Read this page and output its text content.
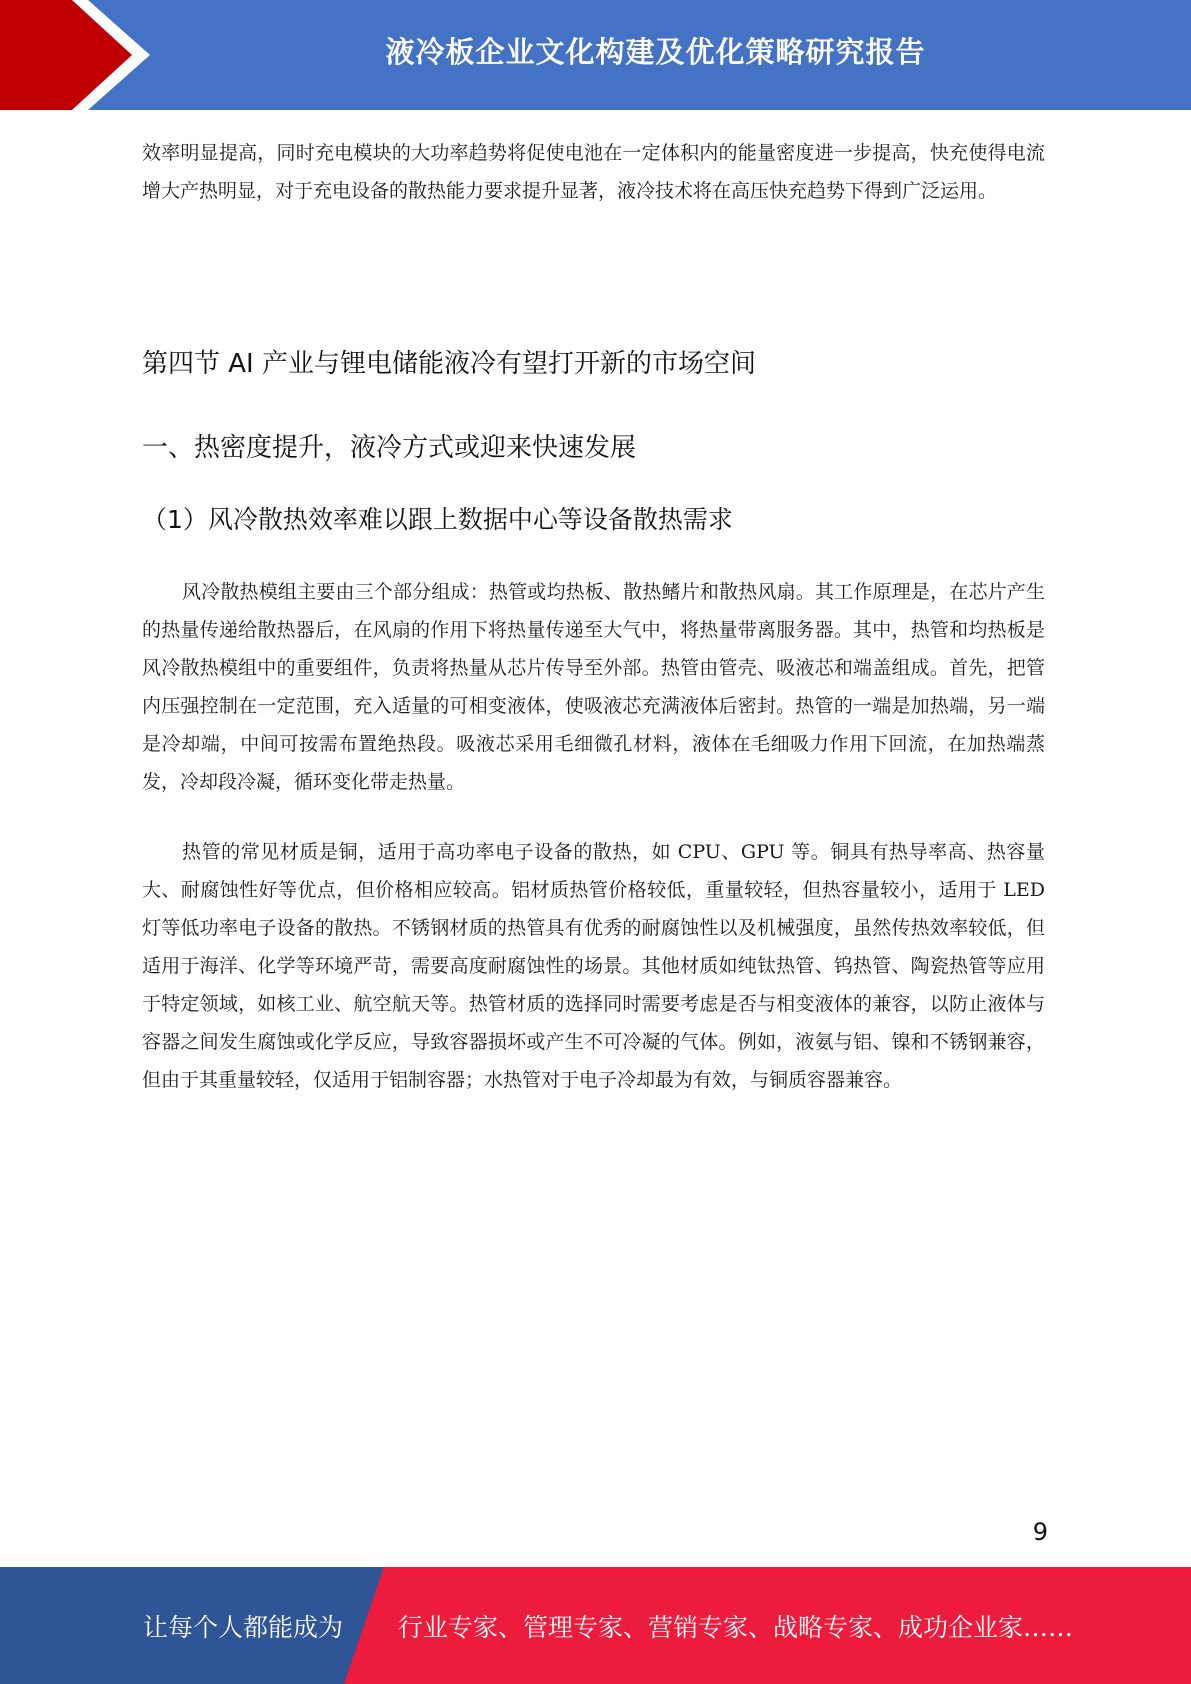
液冷板企业文化构建及优化策略研究报告

效率明显提高，同时充电模块的大功率趋势将促使电池在一定体积内的能量密度进一步提高，快充使得电流增大产热明显，对于充电设备的散热能力要求提升显著，液冷技术将在高压快充趋势下得到广泛运用。

第四节 AI 产业与锂电储能液冷有望打开新的市场空间
一、热密度提升，液冷方式或迎来快速发展
（1）风冷散热效率难以跟上数据中心等设备散热需求

风冷散热模组主要由三个部分组成：热管或均热板、散热鳍片和散热风扇。其工作原理是，在芯片产生的热量传递给散热器后，在风扇的作用下将热量传递至大气中，将热量带离服务器。其中，热管和均热板是风冷散热模组中的重要组件，负责将热量从芯片传导至外部。热管由管壳、吸液芯和端盖组成。首先，把管内压强控制在一定范围，充入适量的可相变液体，使吸液芯充满液体后密封。热管的一端是加热端，另一端是冷却端，中间可按需布置绝热段。吸液芯采用毛细微孔材料，液体在毛细吸力作用下回流，在加热端蒸发，冷却段冷凝，循环变化带走热量。

热管的常见材质是铜，适用于高功率电子设备的散热，如 CPU、GPU 等。铜具有热导率高、热容量大、耐腐蚀性好等优点，但价格相应较高。铝材质热管价格较低，重量较轻，但热容量较小，适用于 LED 灯等低功率电子设备的散热。不锈钢材质的热管具有优秀的耐腐蚀性以及机械强度，虽然传热效率较低，但适用于海洋、化学等环境严苛，需要高度耐腐蚀性的场景。其他材质如纯钛热管、钨热管、陶瓷热管等应用于特定领域，如核工业、航空航天等。热管材质的选择同时需要考虑是否与相变液体的兼容，以防止液体与容器之间发生腐蚀或化学反应，导致容器损坏或产生不可冷凝的气体。例如，液氨与铝、镍和不锈钢兼容，但由于其重量较轻，仅适用于铝制容器；水热管对于电子冷却最为有效，与铜质容器兼容。

9
让每个人都能成为 行业专家、管理专家、营销专家、战略专家、成功企业家……
